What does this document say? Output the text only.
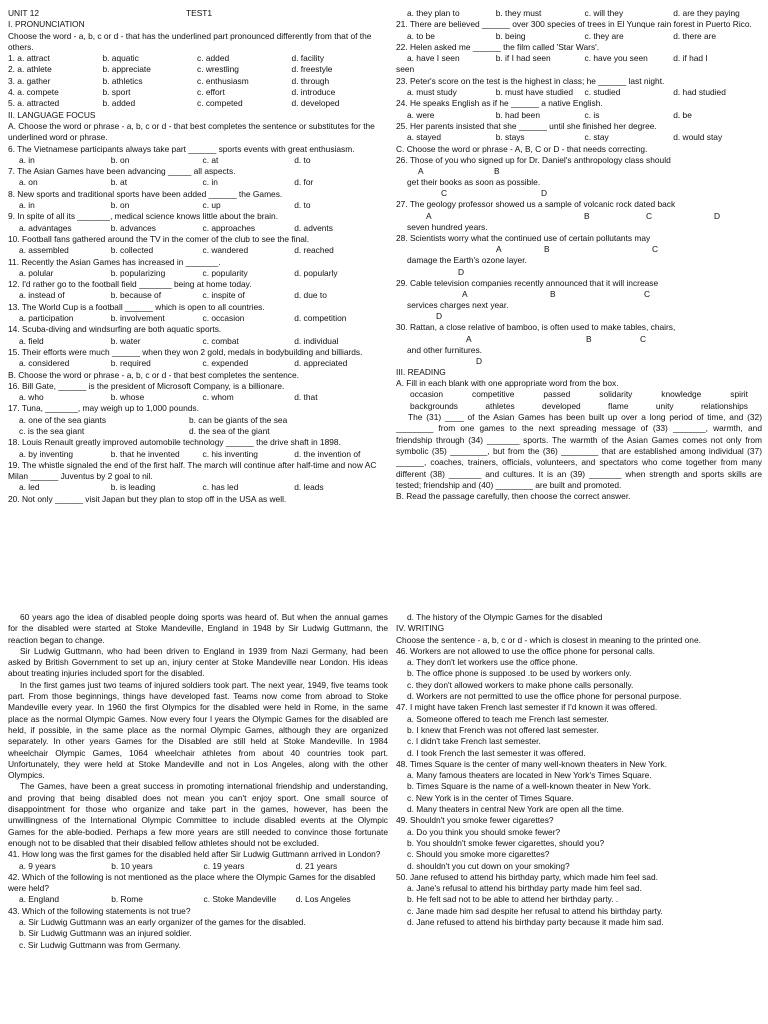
UNIT 12	TEST1
I. PRONUNCIATION
Choose the word - a, b, c or d - that has the underlined part pronounced differently from that of the others.
1. a. attract	b. aquatic	c. added	d. facility
2. a. athlete	b. appreciate	c. wrestling	d. freestyle
3. a. gather	b. athletics	c. enthusiasm	d. through
4. a. compete	b. sport	c. effort	d. introduce
5. a. attracted	b. added	c. competed	d. developed
II. LANGUAGE FOCUS
A. Choose the word or phrase - a, b, c or d - that best completes the sentence or substitutes for the underlined word or phrase.
6. The Vietnamese participants always take part ______ sports events with great enthusiasm.
a. in	b. on	c. at	d. to
7. The Asian Games have been advancing _____ all aspects.
a. on	b. at	c. in	d. for
8. New sports and traditional sports have been added ______ the Games.
a. in	b. on	c. up	d. to
9. In spite of all its _______, medical science knows little about the brain.
a. advantages	b. advances	c. approaches	d. advents
10. Football fans gathered around the TV in the comer of the club to see the final.
a. assembled	b. collected	c. wandered	d. reached
11. Recently the Asian Games has increased in _______.
a. polular	b. popularizing	c. popularity	d. popularly
12. I'd rather go to the football field _______ being at home today.
a. instead of	b. because of	c. inspite of	d. due to
13. The World Cup is a football ______ which is open to all countries.
a. participation	b. involvement	c. occasion	d. competition
14. Scuba-diving and windsurfing are both aquatic sports.
a. field	b. water	c. combat	d. individual
15. Their efforts were much ______ when they won 2 gold, medals in bodybuilding and billiards.
a. considered	b. required	c. expended	d. appreciated
B. Choose the word or phrase - a, b, c or d - that best completes the sentence.
16. Bill Gate, ______ is the president of Microsoft Company, is a billionare.
a. who	b. whose	c. whom	d. that
17. Tuna, _______, may weigh up to 1,000 pounds.
a. one of the sea giants	b. can be giants of the sea
c. is the sea giant	d. the sea of the giant
18. Louis Renault greatly improved automobile technology ______ the drive shaft in 1898.
a. by inventing	b. that he invented	c. his inventing	d. the invention of
19. The whistle signaled the end of the first half. The march will continue after half-time and now AC Milan ______ Juventus by 2 goal to nil.
a. led	b. is leading	c. has led	d. leads
20. Not only ______ visit Japan but they plan to stop off in the USA as well.
a. they plan to	b. they must	c. will they	d. are they paying
21. There are believed ______ over 300 species of trees in El Yunque rain forest in Puerto Rico.
a. to be	b. being	c. they are	d. there are
22. Helen asked me ______ the film called 'Star Wars'.
a. have I seen	b. if I had seen	c. have you seen	d. if had I
seen
23. Peter's score on the test is the highest in class; he ______ last night.
a. must study	b. must have studied	c. studied	d. had studied
24. He speaks English as if he ______ a native English.
a. were	b. had been	c. is	d. be
25. Her parents insisted that she ______ until she finished her degree.
a. stayed	b. stays	c. stay	d. would stay
C. Choose the word or phrase - A, B, C or D - that needs correcting.
26. Those of you who signed up for Dr. Daniel's anthropology class should
A	B
get their books as soon as possible.
C	D
27. The geology professor showed us a sample of volcanic rock dated back
A	B	C	D
seven hundred years.
28. Scientists worry what the continued use of certain pollutants may
A	B	C
damage the Earth's ozone layer.
D
29. Cable television companies recently announced that it will increase
A	B	C
services charges next year.
D
30. Rattan, a close relative of bamboo, is often used to make tables, chairs,
A	B	C
and other furnitures.
D
III. READING
A. Fill in each blank with one appropriate word from the box.
occasion	competitive	passed	solidarity	knowledge	spirit
backgrounds	athletes	developed	flame	unity	relationships
The (31) ____ of the Asian Games has been built up over a long period of time, and (32) ________ from one games to the next spreading message of (33) _______, warmth, and friendship through (34) _______ sports. The warmth of the Asian Games comes not only from symbolic (35) ________, but from the (36) ________ that are established among individual (37) ______, coaches, trainers, officials, volunteers, and spectators who come together from many different (38) _______ and cultures. It is an (39) _______ when strength and sports skills are tested; friendship and (40) ________ are built and promoted.
B. Read the passage carefully, then choose the correct answer.
60 years ago the idea of disabled people doing sports was heard of. But when the annual games for the disabled were started at Stoke Mandeville, England in 1948 by Sir Ludwig Guttmann, the reaction began to change.
Sir Ludwig Guttmann, who had been driven to England in 1939 from Nazi Germany, had been asked by British Government to set up an, injury center at Stoke Mandeville near London. His ideas about treating injuries included sport for the disabled.
In the first games just two teams of injured soldiers took part. The next year, 1949, five teams took part. From those beginnings, things have developed fast. Teams now come from abroad to Stoke Mandeville every year. In 1960 the first Olympics for the disabled were held in Rome, in the same place as the normal Olympic Games. Now every four l years the Olympic Games for the disabled are held, if possible, in the same place as the normal Olympic Games, although they are organized separately. In other years Games for the Disabled are still held at Stoke Mandeville. In 1984 wheelchair Olympic Games, 1064 wheelchair athletes from about 40 countries took part. Unfortunately, they were held at Stoke Mandeville and not in Los Angeles, along with the other Olympics.
The Games, have been a great success in promoting international friendship and understanding, and proving that being disabled does not mean you can't enjoy sport. One small source of disappointment for those who organize and take part in the games, however, has been the unwillingness of the International Olympic Committee to include disabled events at the Olympic Games for the able-bodied. Perhaps a few more years are still needed to convince those fortunate enough not to be disabled that their disabled fellow athletes should not be excluded.
41. How long was the first games for the disabled held after Sir Ludwig Guttmann arrived in London?
a. 9 years	b. 10 years	c. 19 years	d. 21 years
42. Which of the following is not mentioned as the place where the Olympic Games for the disabled were held?
a. England	b. Rome	c. Stoke Mandeville	d. Los Angeles
43. Which of the following statements is not true?
a. Sir Ludwig Guttmann was an early organizer of the games for the disabled.
b. Sir Ludwig Guttmann was an injured soldier.
c. Sir Ludwig Guttmann was from Germany.
d. The history of the Olympic Games for the disabled
IV. WRITING
Choose the sentence - a, b, c or d - which is closest in meaning to the printed one.
46. Workers are not allowed to use the office phone for personal calls.
a. They don't let workers use the office phone.
b. The office phone is supposed .to be used by workers only.
c. they don't allowed workers to make phone calls personally.
d. Workers are not permitted to use the office phone for personal purpose.
47. I might have taken French last semester if I'd known it was offered.
a. Someone offered to teach me French last semester.
b. I knew that French was not offered last semester.
c. I didn't take French last semester.
d. I took French the last semester it was offered.
48. Times Square is the center of many well-known theaters in New York.
a. Many famous theaters are located in New York's Times Square.
b. Times Square is the name of a well-known theater in New York.
c. New York is in the center of Times Square.
d. Many theaters in central New York are open all the time.
49. Shouldn't you smoke fewer cigarettes?
a. Do you think you should smoke fewer?
b. You shouldn't smoke fewer cigarettes, should you?
c. Should you smoke more cigarettes?
d. shouldn't you cut down on your smoking?
50. Jane refused to attend his birthday party, which made him feel sad.
a. Jane's refusal to attend his birthday party made him feel sad.
b. He felt sad not to be able to attend her birthday party. .
c. Jane made him sad despite her refusal to attend his birthday party.
d. Jane refused to attend his birthday party because it made him sad.
